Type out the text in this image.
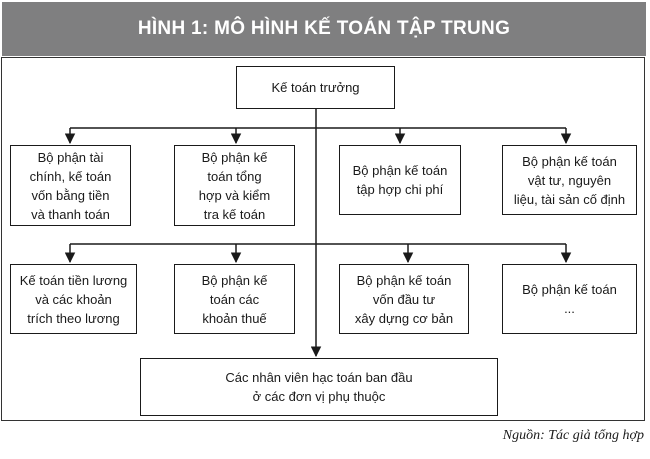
HÌNH 1: MÔ HÌNH KẾ TOÁN TẬP TRUNG
Kế toán trưởng
Bộ phận tài
chính, kế toán
vốn bằng tiền
và thanh toán
Bộ phận kế
toán tổng
hợp và kiểm
tra kế toán
Bộ phận kế toán
tập hợp chi phí
Bộ phận kế toán
vật tư, nguyên
liệu, tài sản cố định
Kế toán tiền lương
và các khoản
trích theo lương
Bộ phận kế
toán các
khoản thuế
Bộ phận kế toán
vốn đầu tư
xây dựng cơ bản
Bộ phận kế toán
...
Các nhân viên hạc toán ban đầu
ở các đơn vị phụ thuộc
Nguồn: Tác giả tổng hợp
